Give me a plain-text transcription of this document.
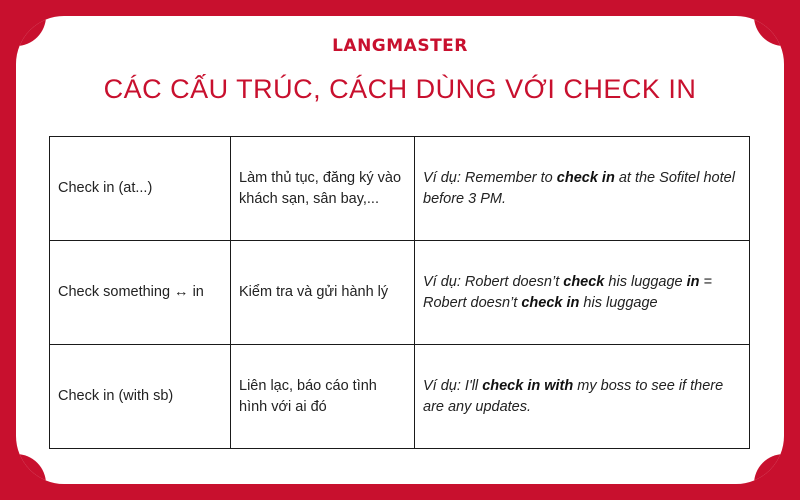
LANGMASTER
CÁC CẤU TRÚC, CÁCH DÙNG VỚI CHECK IN
Check in (at...)	Làm thủ tục, đăng ký vào khách sạn, sân bay,...	Ví dụ: Remember to check in at the Sofitel hotel before 3 PM.
Check something ↔ in	Kiểm tra và gửi hành lý	Ví dụ: Robert doesn’t check his luggage in = Robert doesn’t check in his luggage
Check in (with sb)	Liên lạc, báo cáo tình hình với ai đó	Ví dụ: I'll check in with my boss to see if there are any updates.
